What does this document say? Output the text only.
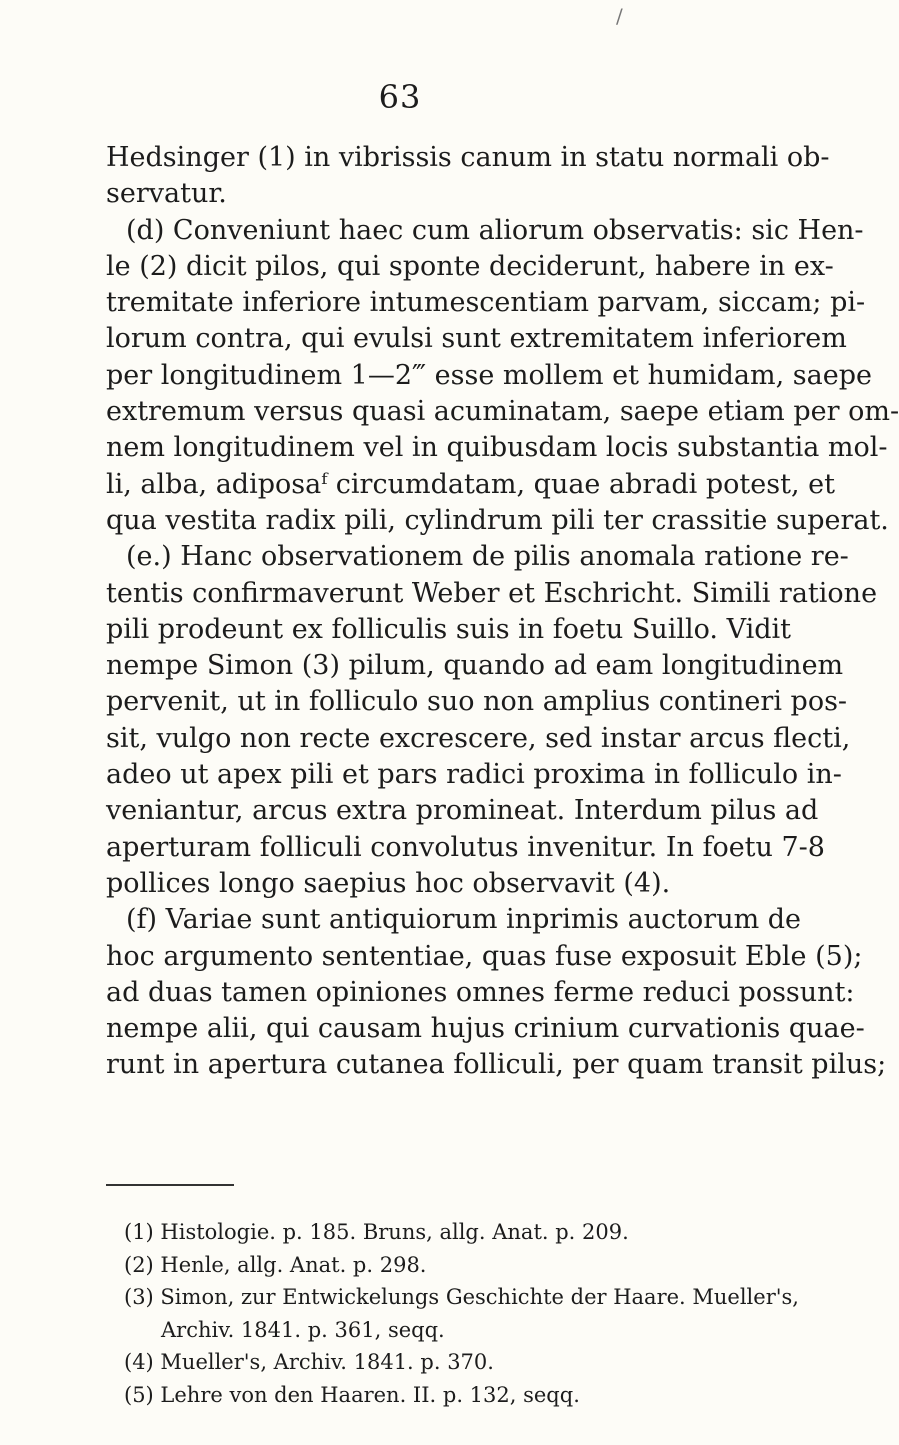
/
63
Hedsinger (1) in vibrissis canum in statu normali ob-
servatur.
(d) Conveniunt haec cum aliorum observatis: sic Hen-
le (2) dicit pilos, qui sponte deciderunt, habere in ex-
tremitate inferiore intumescentiam parvam, siccam; pi-
lorum contra, qui evulsi sunt extremitatem inferiorem
per longitudinem 1—2‴ esse mollem et humidam, saepe
extremum versus quasi acuminatam, saepe etiam per om-
nem longitudinem vel in quibusdam locis substantia mol-
li, alba, adiposaᶠ circumdatam, quae abradi potest, et
qua vestita radix pili, cylindrum pili ter crassitie superat.
(e.) Hanc observationem de pilis anomala ratione re-
tentis confirmaverunt Weber et Eschricht. Simili ratione
pili prodeunt ex folliculis suis in foetu Suillo. Vidit
nempe Simon (3) pilum, quando ad eam longitudinem
pervenit, ut in folliculo suo non amplius contineri pos-
sit, vulgo non recte excrescere, sed instar arcus flecti,
adeo ut apex pili et pars radici proxima in folliculo in-
veniantur, arcus extra promineat. Interdum pilus ad
aperturam folliculi convolutus invenitur. In foetu 7-8
pollices longo saepius hoc observavit (4).
(f) Variae sunt antiquiorum inprimis auctorum de
hoc argumento sententiae, quas fuse exposuit Eble (5);
ad duas tamen opiniones omnes ferme reduci possunt:
nempe alii, qui causam hujus crinium curvationis quae-
runt in apertura cutanea folliculi, per quam transit pilus;
(1) Histologie. p. 185. Bruns, allg. Anat. p. 209.
(2) Henle, allg. Anat. p. 298.
(3) Simon, zur Entwickelungs Geschichte der Haare. Mueller's,
Archiv. 1841. p. 361, seqq.
(4) Mueller's, Archiv. 1841. p. 370.
(5) Lehre von den Haaren. II. p. 132, seqq.
